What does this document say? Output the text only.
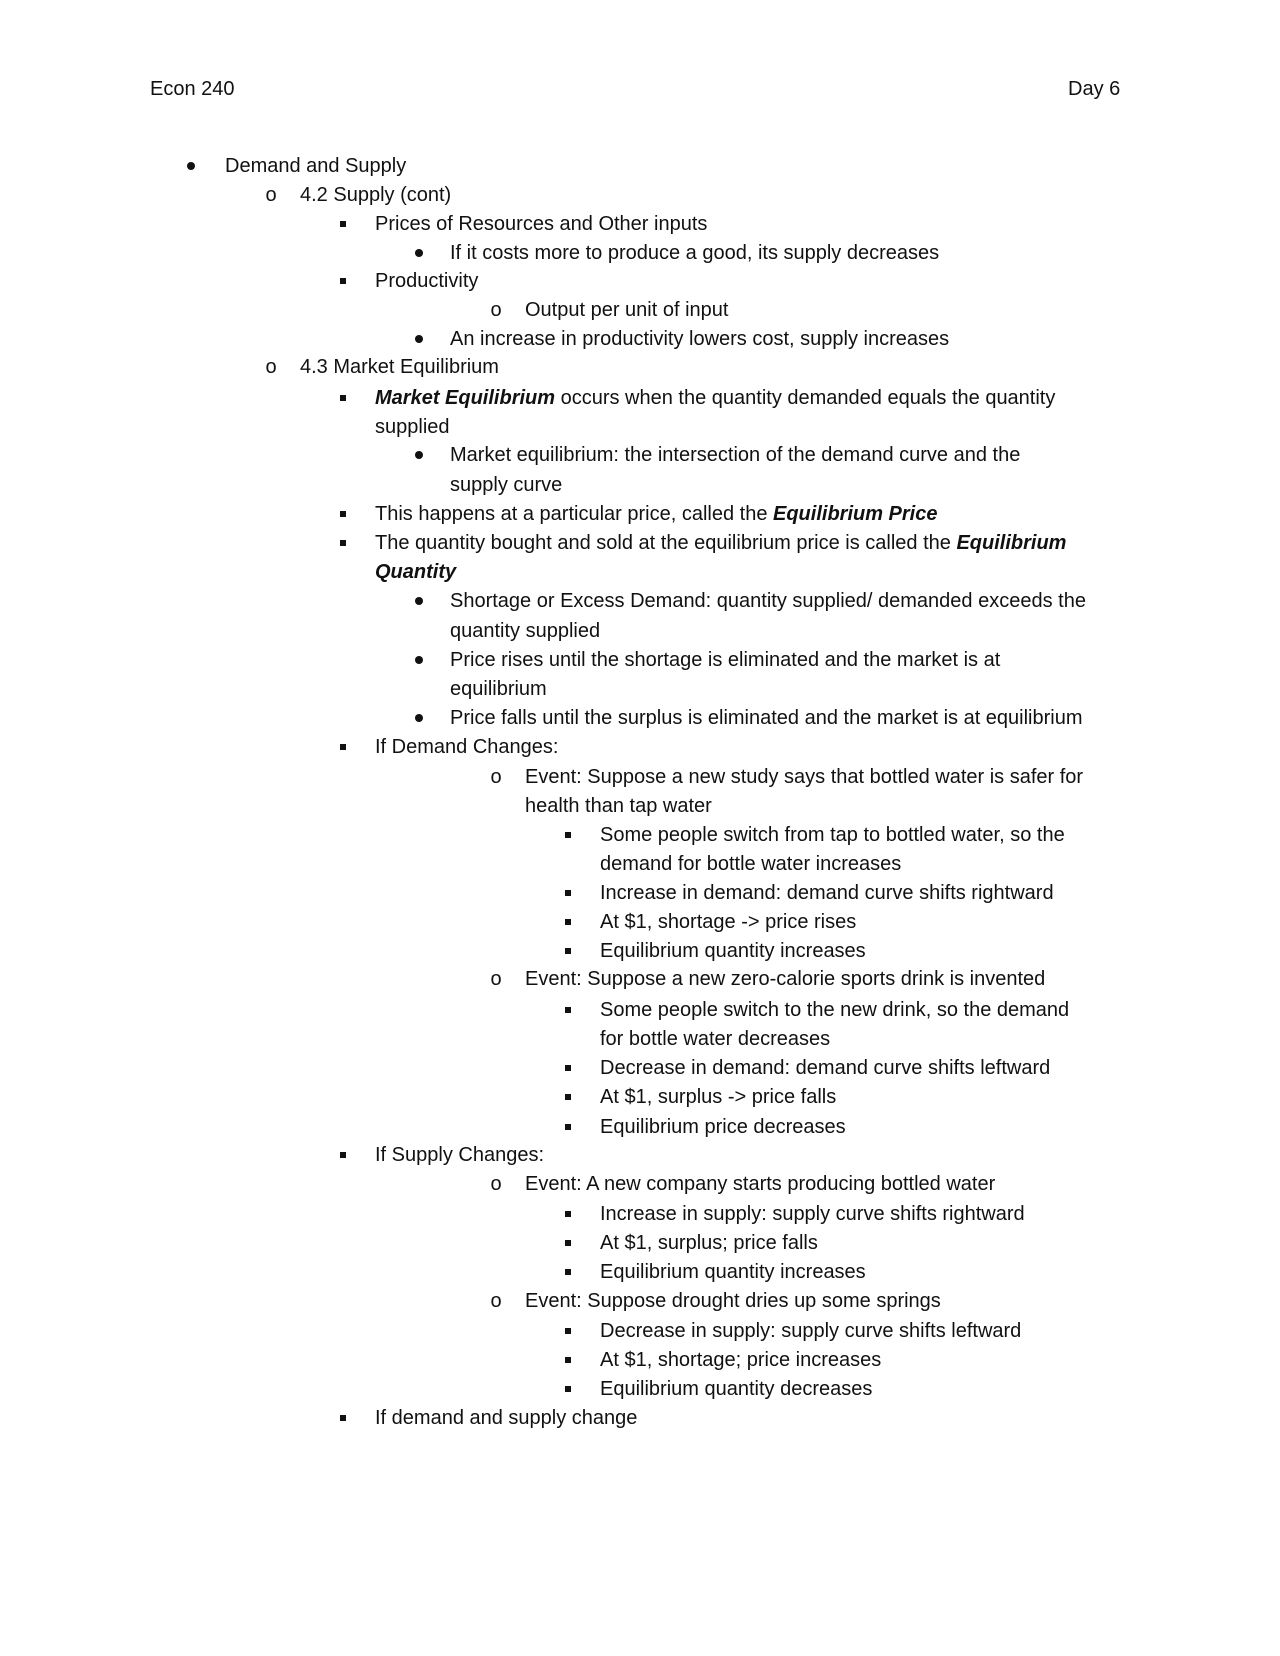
Econ 240	Day 6
Demand and Supply
o 4.2 Supply (cont)
Prices of Resources and Other inputs
If it costs more to produce a good, its supply decreases
Productivity
o Output per unit of input
An increase in productivity lowers cost, supply increases
o 4.3 Market Equilibrium
Market Equilibrium occurs when the quantity demanded equals the quantity
supplied
Market equilibrium: the intersection of the demand curve and the
supply curve
This happens at a particular price, called the Equilibrium Price
The quantity bought and sold at the equilibrium price is called the Equilibrium
Quantity
Shortage or Excess Demand: quantity supplied/ demanded exceeds the
quantity supplied
Price rises until the shortage is eliminated and the market is at
equilibrium
Price falls until the surplus is eliminated and the market is at equilibrium
If Demand Changes:
o Event: Suppose a new study says that bottled water is safer for
health than tap water
Some people switch from tap to bottled water, so the
demand for bottle water increases
Increase in demand: demand curve shifts rightward
At $1, shortage -> price rises
Equilibrium quantity increases
o Event: Suppose a new zero-calorie sports drink is invented
Some people switch to the new drink, so the demand
for bottle water decreases
Decrease in demand: demand curve shifts leftward
At $1, surplus -> price falls
Equilibrium price decreases
If Supply Changes:
o Event: A new company starts producing bottled water
Increase in supply: supply curve shifts rightward
At $1, surplus; price falls
Equilibrium quantity increases
o Event: Suppose drought dries up some springs
Decrease in supply: supply curve shifts leftward
At $1, shortage; price increases
Equilibrium quantity decreases
If demand and supply change
